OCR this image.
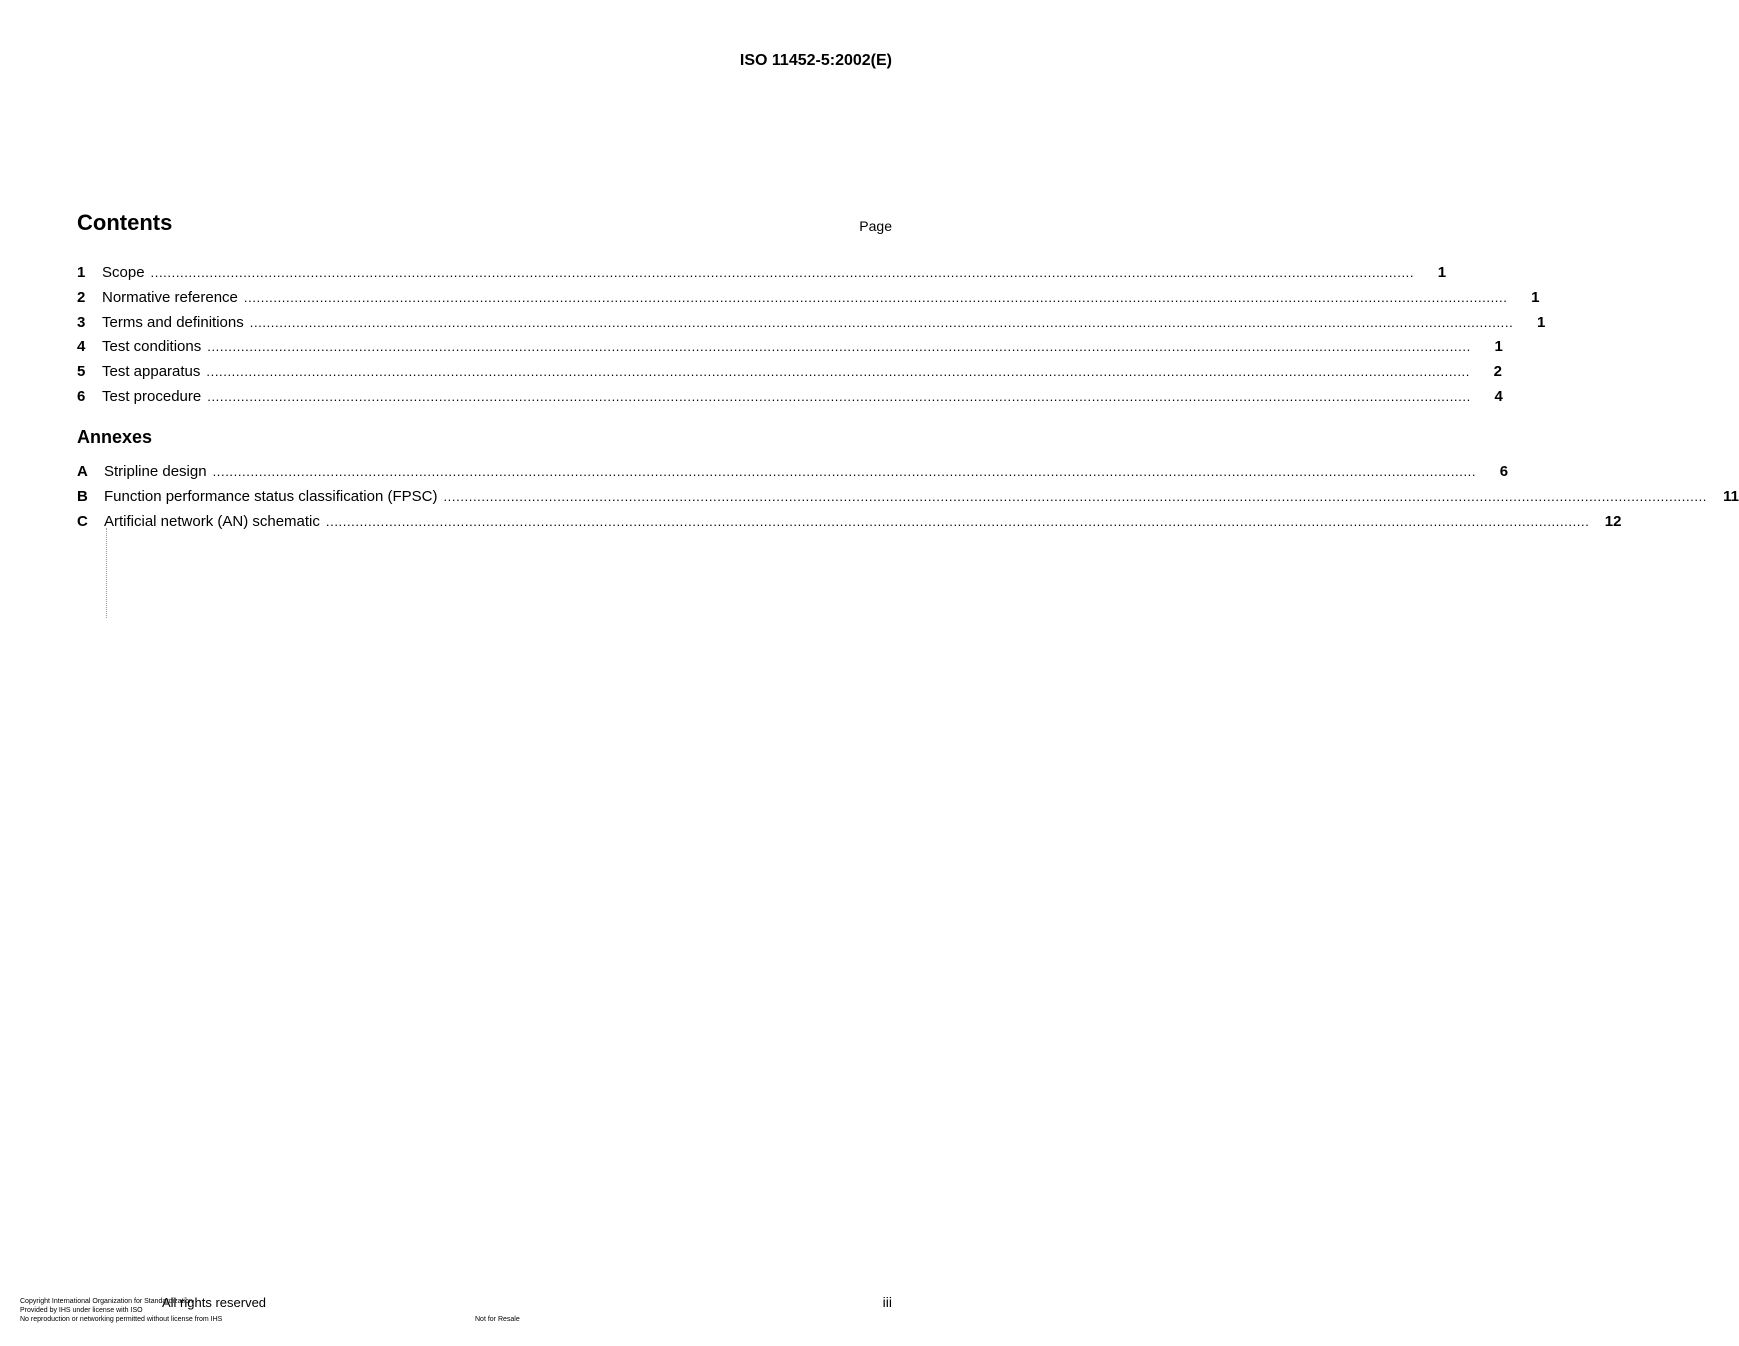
ISO 11452-5:2002(E)
Contents	Page
1	Scope ............................................................................................................................................................................................................................................................................................................	1
2	Normative reference ............................................................................................................................................................................................................................................................................................................	1
3	Terms and definitions ............................................................................................................................................................................................................................................................................................................	1
4	Test conditions ............................................................................................................................................................................................................................................................................................................	1
5	Test apparatus ............................................................................................................................................................................................................................................................................................................	2
6	Test procedure ............................................................................................................................................................................................................................................................................................................	4
Annexes
A	Stripline design ............................................................................................................................................................................................................................................................................................................	6
B	Function performance status classification (FPSC) ............................................................................................................................................................................................................................................................................................................	11
C	Artificial network (AN) schematic ............................................................................................................................................................................................................................................................................................................	12
Copyright International Organization for Standardization
Provided by IHS under license with ISO
No reproduction or networking permitted without license from IHS
All rights reserved
Not for Resale
iii
